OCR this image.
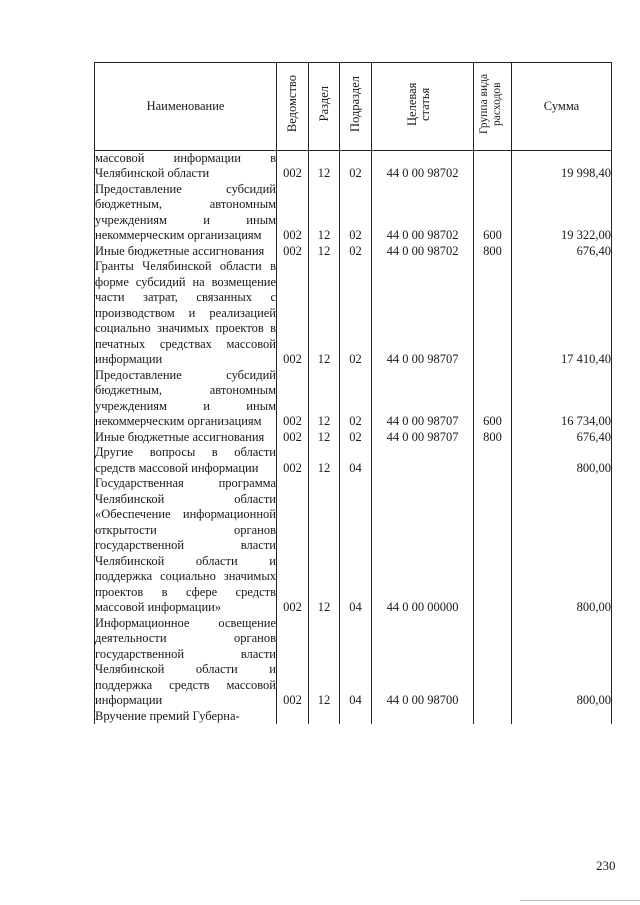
Наименование	Ведомство	Раздел	Подраздел	Целевая статья	Группа вида расходов	Сумма
массовой информации в Челябинской области	002	12	02	44 0 00 98702		19 998,40
Предоставление субсидий бюджетным, автономным учреждениям и иным некоммерческим организациям	002	12	02	44 0 00 98702	600	19 322,00
Иные бюджетные ассигнования	002	12	02	44 0 00 98702	800	676,40
Гранты Челябинской области в форме субсидий на возмещение части затрат, связанных с производством и реализацией социально значимых проектов в печатных средствах массовой информации	002	12	02	44 0 00 98707		17 410,40
Предоставление субсидий бюджетным, автономным учреждениям и иным некоммерческим организациям	002	12	02	44 0 00 98707	600	16 734,00
Иные бюджетные ассигнования	002	12	02	44 0 00 98707	800	676,40
Другие вопросы в области средств массовой информации	002	12	04			800,00
Государственная программа Челябинской области «Обеспечение информационной открытости органов государственной власти Челябинской области и поддержка социально значимых проектов в сфере средств массовой информации»	002	12	04	44 0 00 00000		800,00
Информационное освещение деятельности органов государственной власти Челябинской области и поддержка средств массовой информации	002	12	04	44 0 00 98700		800,00
Вручение премий Губерна-						
230
